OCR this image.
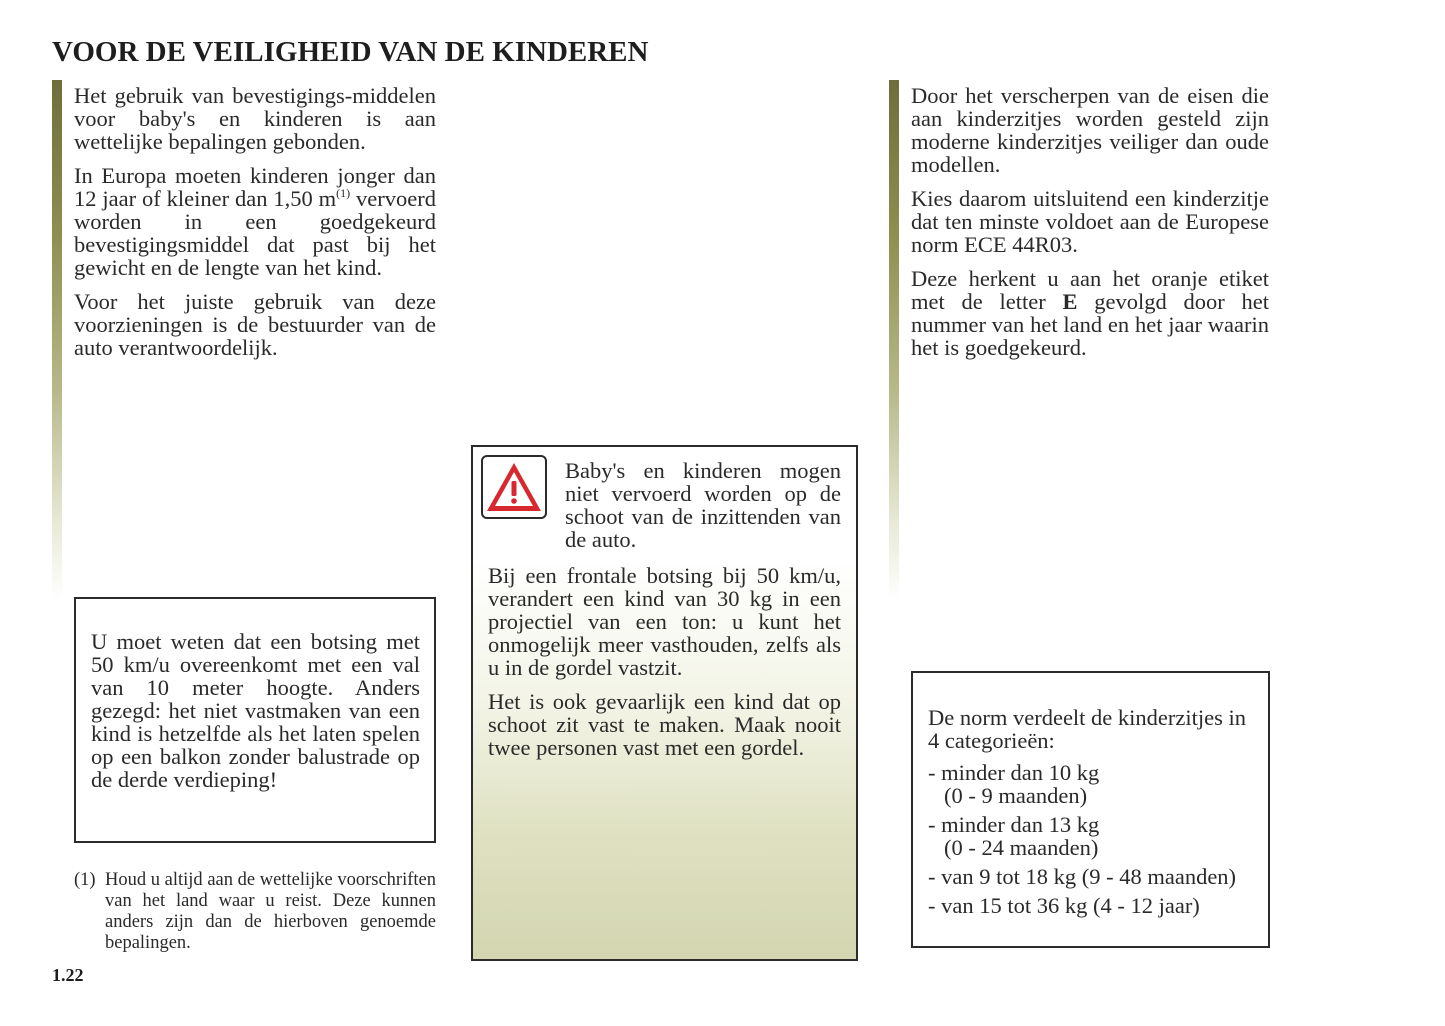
VOOR DE VEILIGHEID VAN DE KINDEREN

Het gebruik van bevestigings-middelen voor baby's en kinderen is aan wettelijke bepalingen gebonden.

In Europa moeten kinderen jonger dan 12 jaar of kleiner dan 1,50 $m^{(1)}$ vervoerd worden in een goedgekeurd bevestigingsmiddel dat past bij het gewicht en de lengte van het kind.

Voor het juiste gebruik van deze voorzieningen is de bestuurder van de auto verantwoordelijk.

U moet weten dat een botsing met 50 km/u overeenkomt met een val van 10 meter hoogte. Anders gezegd: het niet vastmaken van een kind is hetzelfde als het laten spelen op een balkon zonder balustrade op de derde verdieping!
(1) Houd u altijd aan de wettelijke voorschriften van het land waar u reist. Deze kunnen anders zijn dan de hierboven genoemde bepalingen.
1.22
Baby's en kinderen mogen niet vervoerd worden op de schoot van de inzittenden van de auto.

Bij een frontale botsing bij 50 km/u, verandert een kind van 30 kg in een projectiel van een ton: u kunt het onmogelijk meer vasthouden, zelfs als u in de gordel vastzit.

Het is ook gevaarlijk een kind dat op schoot zit vast te maken. Maak nooit twee personen vast met een gordel.

Door het verscherpen van de eisen die aan kinderzitjes worden gesteld zijn moderne kinderzitjes veiliger dan oude modellen.

Kies daarom uitsluitend een kinderzitje dat ten minste voldoet aan de Europese norm ECE 44R03.

Deze herkent u aan het oranje etiket met de letter E gevolgd door het nummer van het land en het jaar waarin het is goedgekeurd.

De norm verdeelt de kinderzitjes in 4 categorieën:

- minder dan 10 kg
(0 - 9 maanden)
- minder dan 13 kg
(0 - 24 maanden)
- van 9 tot 18 kg (9 - 48 maanden)
- van 15 tot 36 kg (4 - 12 jaar)
